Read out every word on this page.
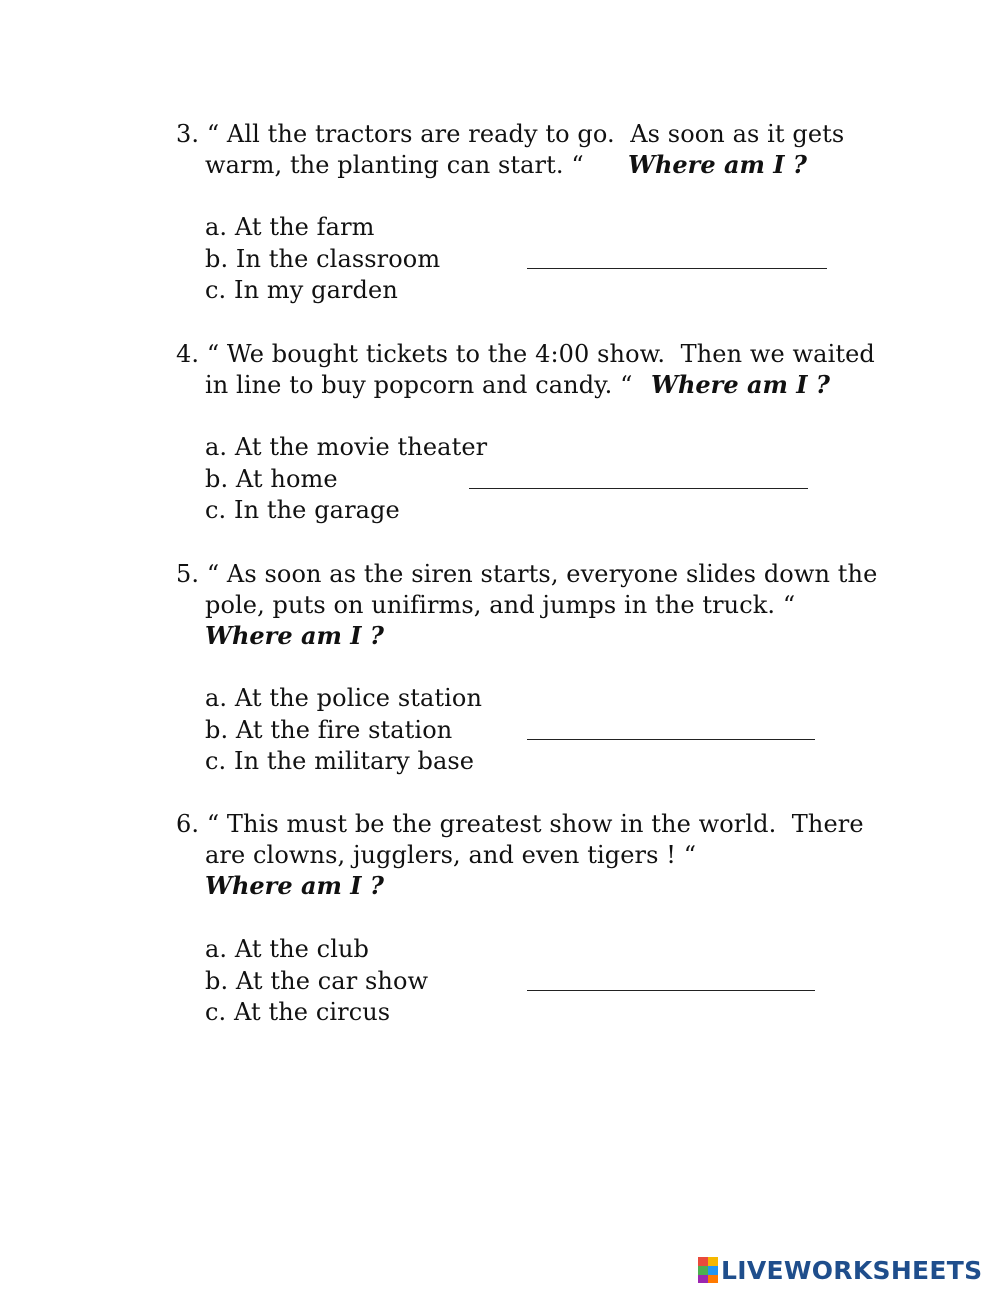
3. “ All the tractors are ready to go.  As soon as it gets
warm, the planting can start. “ Where am I ?
a. At the farm
b. In the classroom
c. In my garden
4. “ We bought tickets to the 4:00 show.  Then we waited
in line to buy popcorn and candy. “ Where am I ?
a. At the movie theater
b. At home
c. In the garage
5. “ As soon as the siren starts, everyone slides down the
pole, puts on unifirms, and jumps in the truck. “
Where am I ?
a. At the police station
b. At the fire station
c. In the military base
6. “ This must be the greatest show in the world.  There
are clowns, jugglers, and even tigers ! “
Where am I ?
a. At the club
b. At the car show
c. At the circus
LIVEWORKSHEETS
